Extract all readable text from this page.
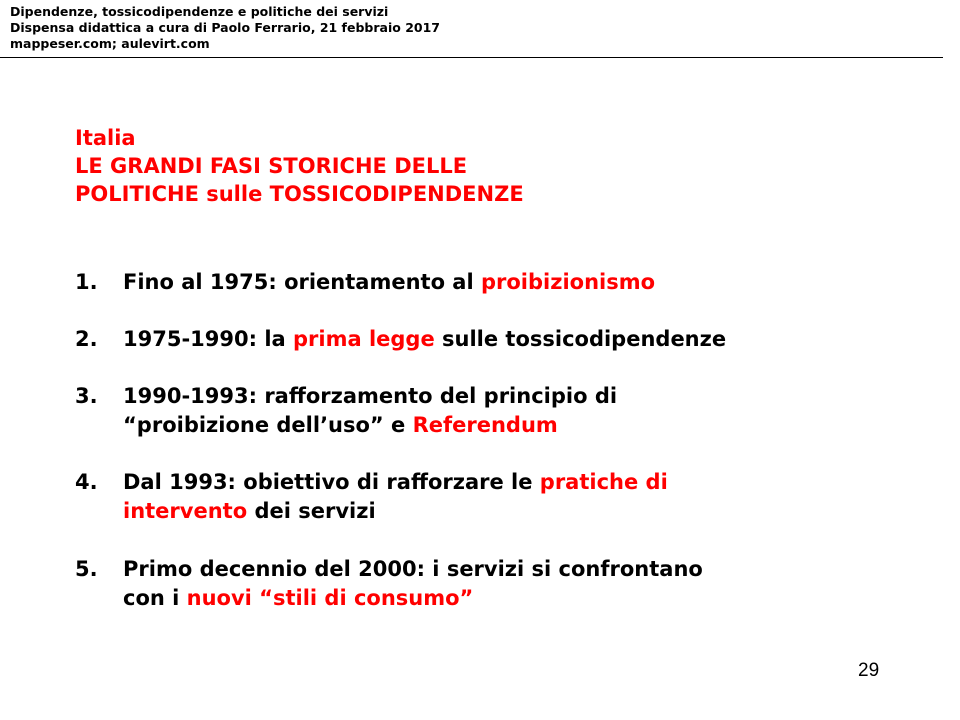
Dipendenze, tossicodipendenze e politiche dei servizi
Dispensa didattica a cura di Paolo Ferrario, 21 febbraio 2017
mappeser.com; aulevirt.com
Italia
LE GRANDI FASI STORICHE DELLE
POLITICHE sulle TOSSICODIPENDENZE
1. Fino al 1975: orientamento al proibizionismo
2. 1975-1990: la prima legge sulle tossicodipendenze
3. 1990-1993: rafforzamento del principio di
“proibizione dell’uso” e Referendum
4. Dal 1993: obiettivo di rafforzare le pratiche di
intervento dei servizi
5. Primo decennio del 2000: i servizi si confrontano
con i nuovi “stili di consumo”
29
